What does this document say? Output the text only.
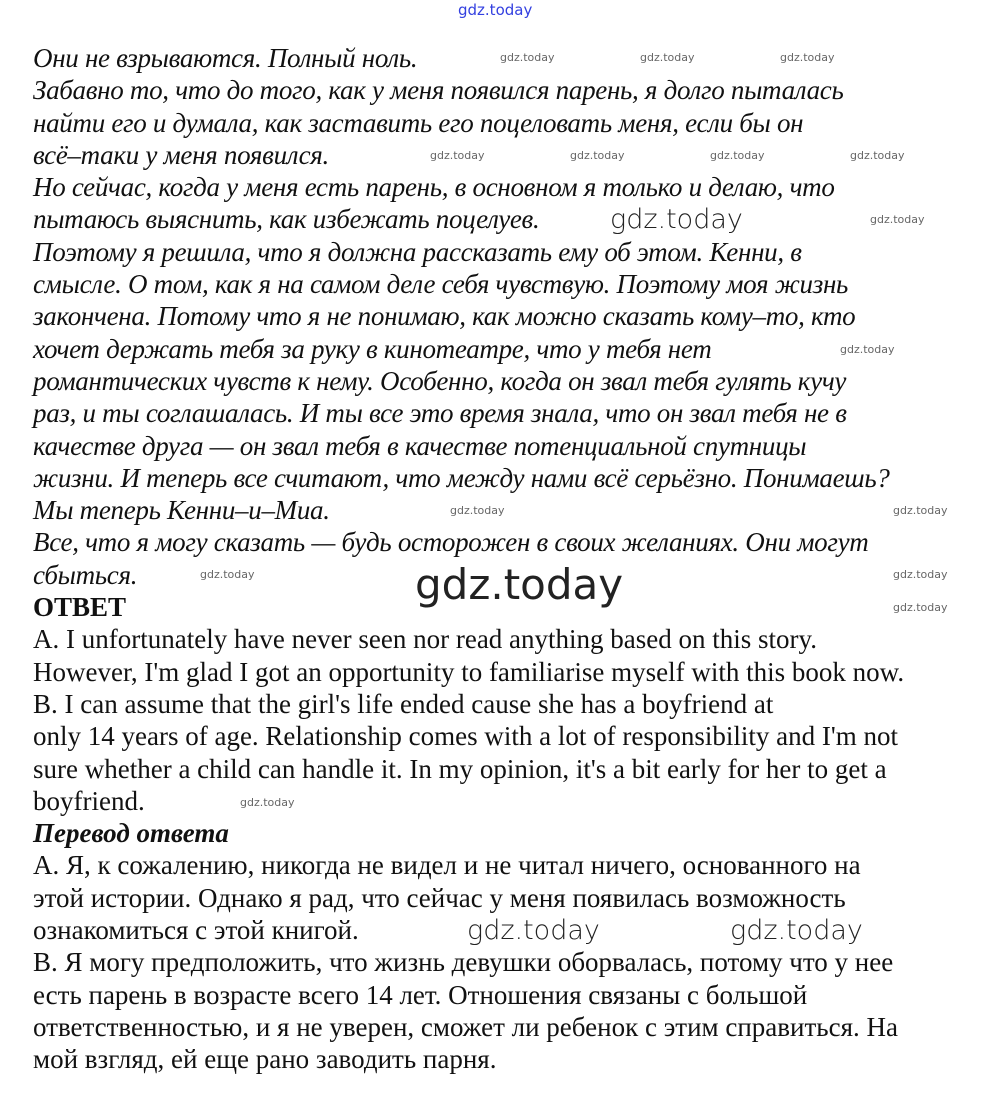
Они не взрываются. Полный ноль.
Забавно то, что до того, как у меня появился парень, я долго пыталась
найти его и думала, как заставить его поцеловать меня, если бы он
всё–таки у меня появился.
Но сейчас, когда у меня есть парень, в основном я только и делаю, что
пытаюсь выяснить, как избежать поцелуев.
Поэтому я решила, что я должна рассказать ему об этом. Кенни, в
смысле. О том, как я на самом деле себя чувствую. Поэтому моя жизнь
закончена. Потому что я не понимаю, как можно сказать кому–то, кто
хочет держать тебя за руку в кинотеатре, что у тебя нет
романтических чувств к нему. Особенно, когда он звал тебя гулять кучу
раз, и ты соглашалась. И ты все это время знала, что он звал тебя не в
качестве друга — он звал тебя в качестве потенциальной спутницы
жизни. И теперь все считают, что между нами всё серьёзно. Понимаешь?
Мы теперь Кенни–и–Миа.
Все, что я могу сказать — будь осторожен в своих желаниях. Они могут
сбыться.
ОТВЕТ
A. I unfortunately have never seen nor read anything based on this story.
However, I'm glad I got an opportunity to familiarise myself with this book now.
B. I can assume that the girl's life ended cause she has a boyfriend at
only 14 years of age. Relationship comes with a lot of responsibility and I'm not
sure whether a child can handle it. In my opinion, it's a bit early for her to get a
boyfriend.
Перевод ответа
А. Я, к сожалению, никогда не видел и не читал ничего, основанного на
этой истории. Однако я рад, что сейчас у меня появилась возможность
ознакомиться с этой книгой.
В. Я могу предположить, что жизнь девушки оборвалась, потому что у нее
есть парень в возрасте всего 14 лет. Отношения связаны с большой
ответственностью, и я не уверен, сможет ли ребенок с этим справиться. На
мой взгляд, ей еще рано заводить парня.
gdz.today
gdz.today	gdz.today	gdz.today
gdz.today	gdz.today	gdz.today	gdz.today
gdz.today	gdz.today
gdz.today
gdz.today	gdz.today
gdz.today	gdz.today
gdz.today	gdz.today
gdz.today
gdz.today	gdz.today
